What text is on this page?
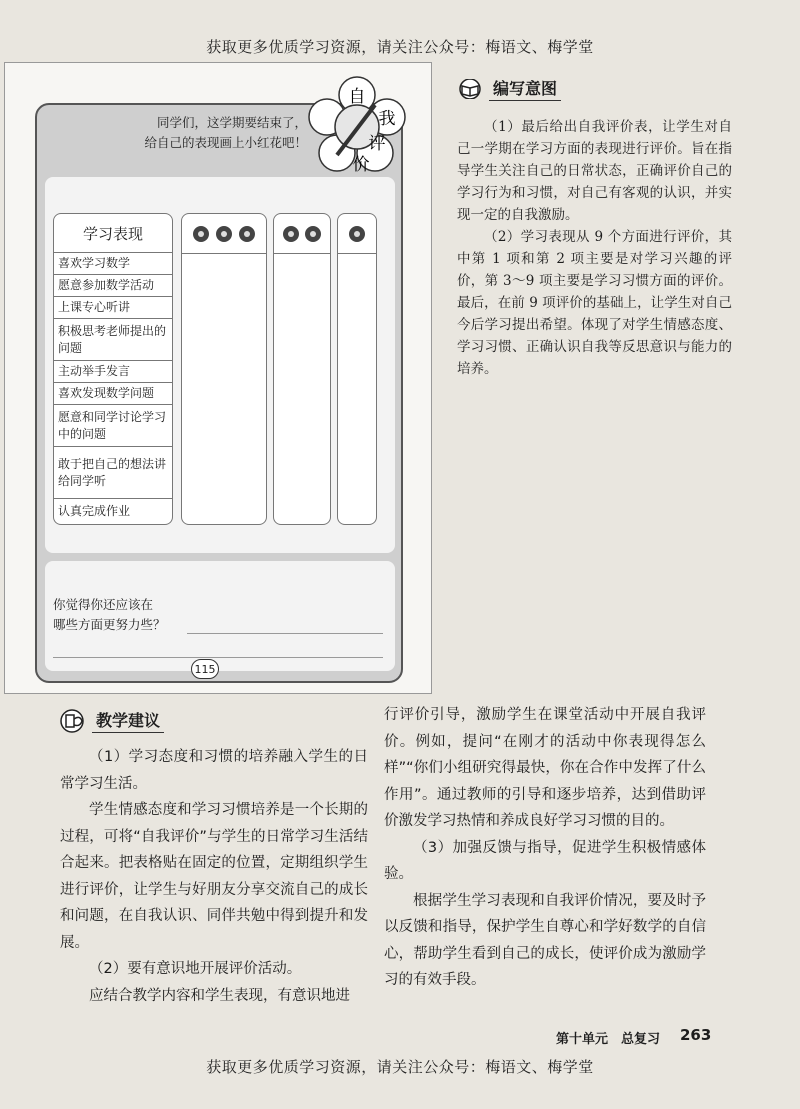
获取更多优质学习资源，请关注公众号：梅语文、梅学堂
获取更多优质学习资源，请关注公众号：梅语文、梅学堂
同学们，这学期要结束了，
给自己的表现画上小红花吧！
自
我
评
价
学习表现
喜欢学习数学
愿意参加数学活动
上课专心听讲
积极思考老师提出的问题
主动举手发言
喜欢发现数学问题
愿意和同学讨论学习中的问题
敢于把自己的想法讲给同学听
认真完成作业
你觉得你还应该在
哪些方面更努力些？
115
编写意图

（1）最后给出自我评价表，让学生对自己一学期在学习方面的表现进行评价。旨在指导学生关注自己的日常状态，正确评价自己的学习行为和习惯，对自己有客观的认识，并实现一定的自我激励。

（2）学习表现从 9 个方面进行评价，其中第 1 项和第 2 项主要是对学习兴趣的评价，第 3～9 项主要是学习习惯方面的评价。最后，在前 9 项评价的基础上，让学生对自己今后学习提出希望。体现了对学生情感态度、学习习惯、正确认识自我等反思意识与能力的培养。

教学建议

（1）学习态度和习惯的培养融入学生的日常学习生活。

学生情感态度和学习习惯培养是一个长期的过程，可将“自我评价”与学生的日常学习生活结合起来。把表格贴在固定的位置，定期组织学生进行评价，让学生与好朋友分享交流自己的成长和问题，在自我认识、同伴共勉中得到提升和发展。

（2）要有意识地开展评价活动。

应结合教学内容和学生表现，有意识地进

行评价引导，激励学生在课堂活动中开展自我评价。例如，提问“在刚才的活动中你表现得怎么样”“你们小组研究得最快，你在合作中发挥了什么作用”。通过教师的引导和逐步培养，达到借助评价激发学习热情和养成良好学习习惯的目的。

（3）加强反馈与指导，促进学生积极情感体验。

根据学生学习表现和自我评价情况，要及时予以反馈和指导，保护学生自尊心和学好数学的自信心，帮助学生看到自己的成长，使评价成为激励学习的有效手段。

第十单元　总复习 263
